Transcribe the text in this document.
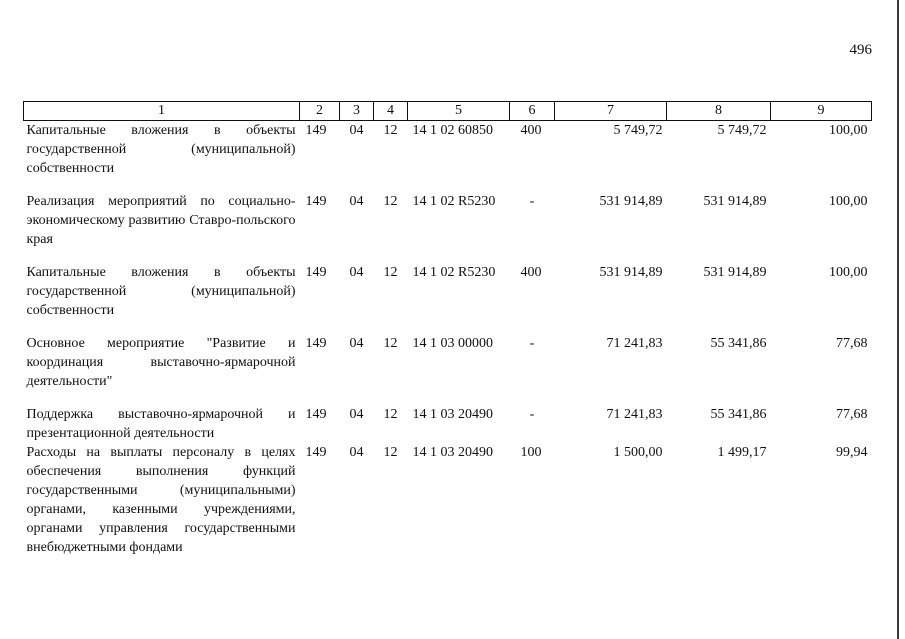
496
1	2	3	4	5	6	7	8	9
Капитальные вложения в объекты государственной (муниципальной) собственности	149	04	12	14 1 02 60850	400	5 749,72	5 749,72	100,00

Реализация мероприятий по социально-экономическому развитию Ставро-польского края	149	04	12	14 1 02 R5230	-	531 914,89	531 914,89	100,00

Капитальные вложения в объекты государственной (муниципальной) собственности	149	04	12	14 1 02 R5230	400	531 914,89	531 914,89	100,00

Основное мероприятие "Развитие и координация выставочно-ярмарочной деятельности"	149	04	12	14 1 03 00000	-	71 241,83	55 341,86	77,68

Поддержка выставочно-ярмарочной и презентационной деятельности	149	04	12	14 1 03 20490	-	71 241,83	55 341,86	77,68
Расходы на выплаты персоналу в целях обеспечения выполнения функций государственными (муниципальными) органами, казенными учреждениями, органами управления государственными внебюджетными фондами	149	04	12	14 1 03 20490	100	1 500,00	1 499,17	99,94
